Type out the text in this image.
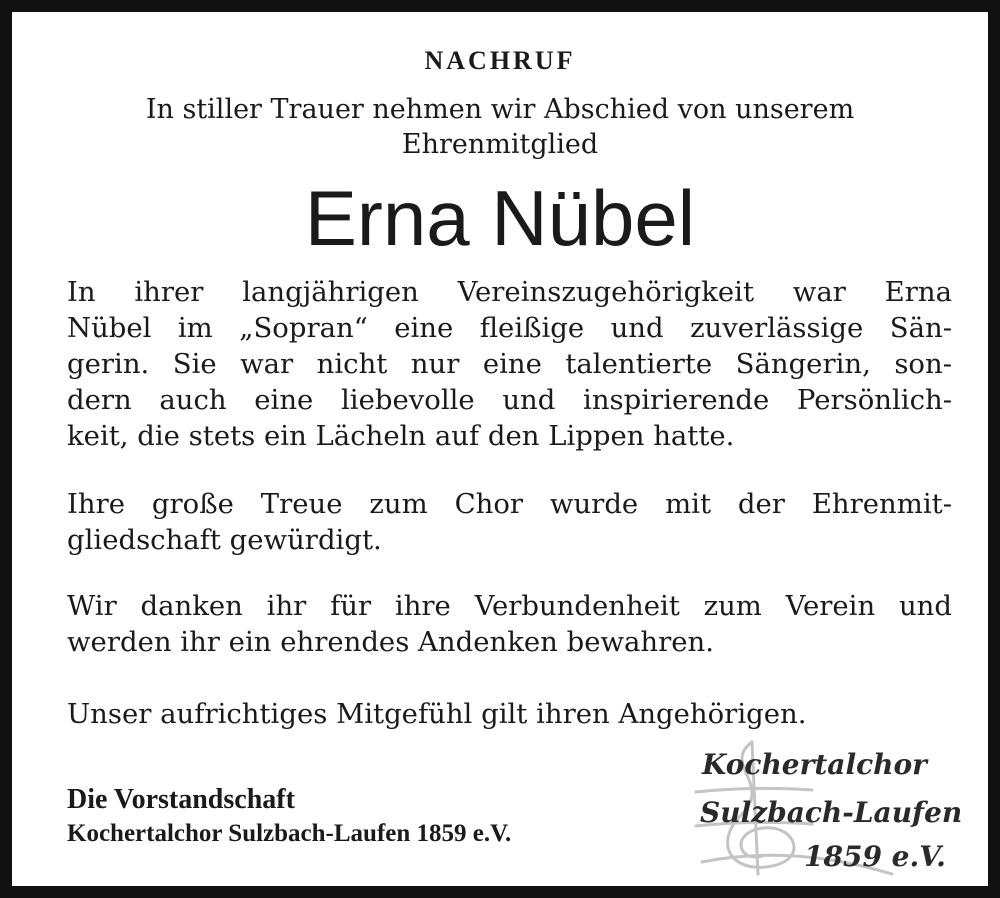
NACHRUF
In stiller Trauer nehmen wir Abschied von unserem
Ehrenmitglied
Erna Nübel

In ihrer langjährigen Vereinszugehörigkeit war Erna
Nübel im „Sopran“ eine fleißige und zuverlässige Sän-
gerin. Sie war nicht nur eine talentierte Sängerin, son-
dern auch eine liebevolle und inspirierende Persönlich-
keit, die stets ein Lächeln auf den Lippen hatte.

Ihre große Treue zum Chor wurde mit der Ehrenmit-
gliedschaft gewürdigt.

Wir danken ihr für ihre Verbundenheit zum Verein und
werden ihr ein ehrendes Andenken bewahren.

Unser aufrichtiges Mitgefühl gilt ihren Angehörigen.

Die Vorstandschaft
Kochertalchor Sulzbach-Laufen 1859 e.V.
Kochertalchor
Sulzbach-Laufen
1859 e.V.
